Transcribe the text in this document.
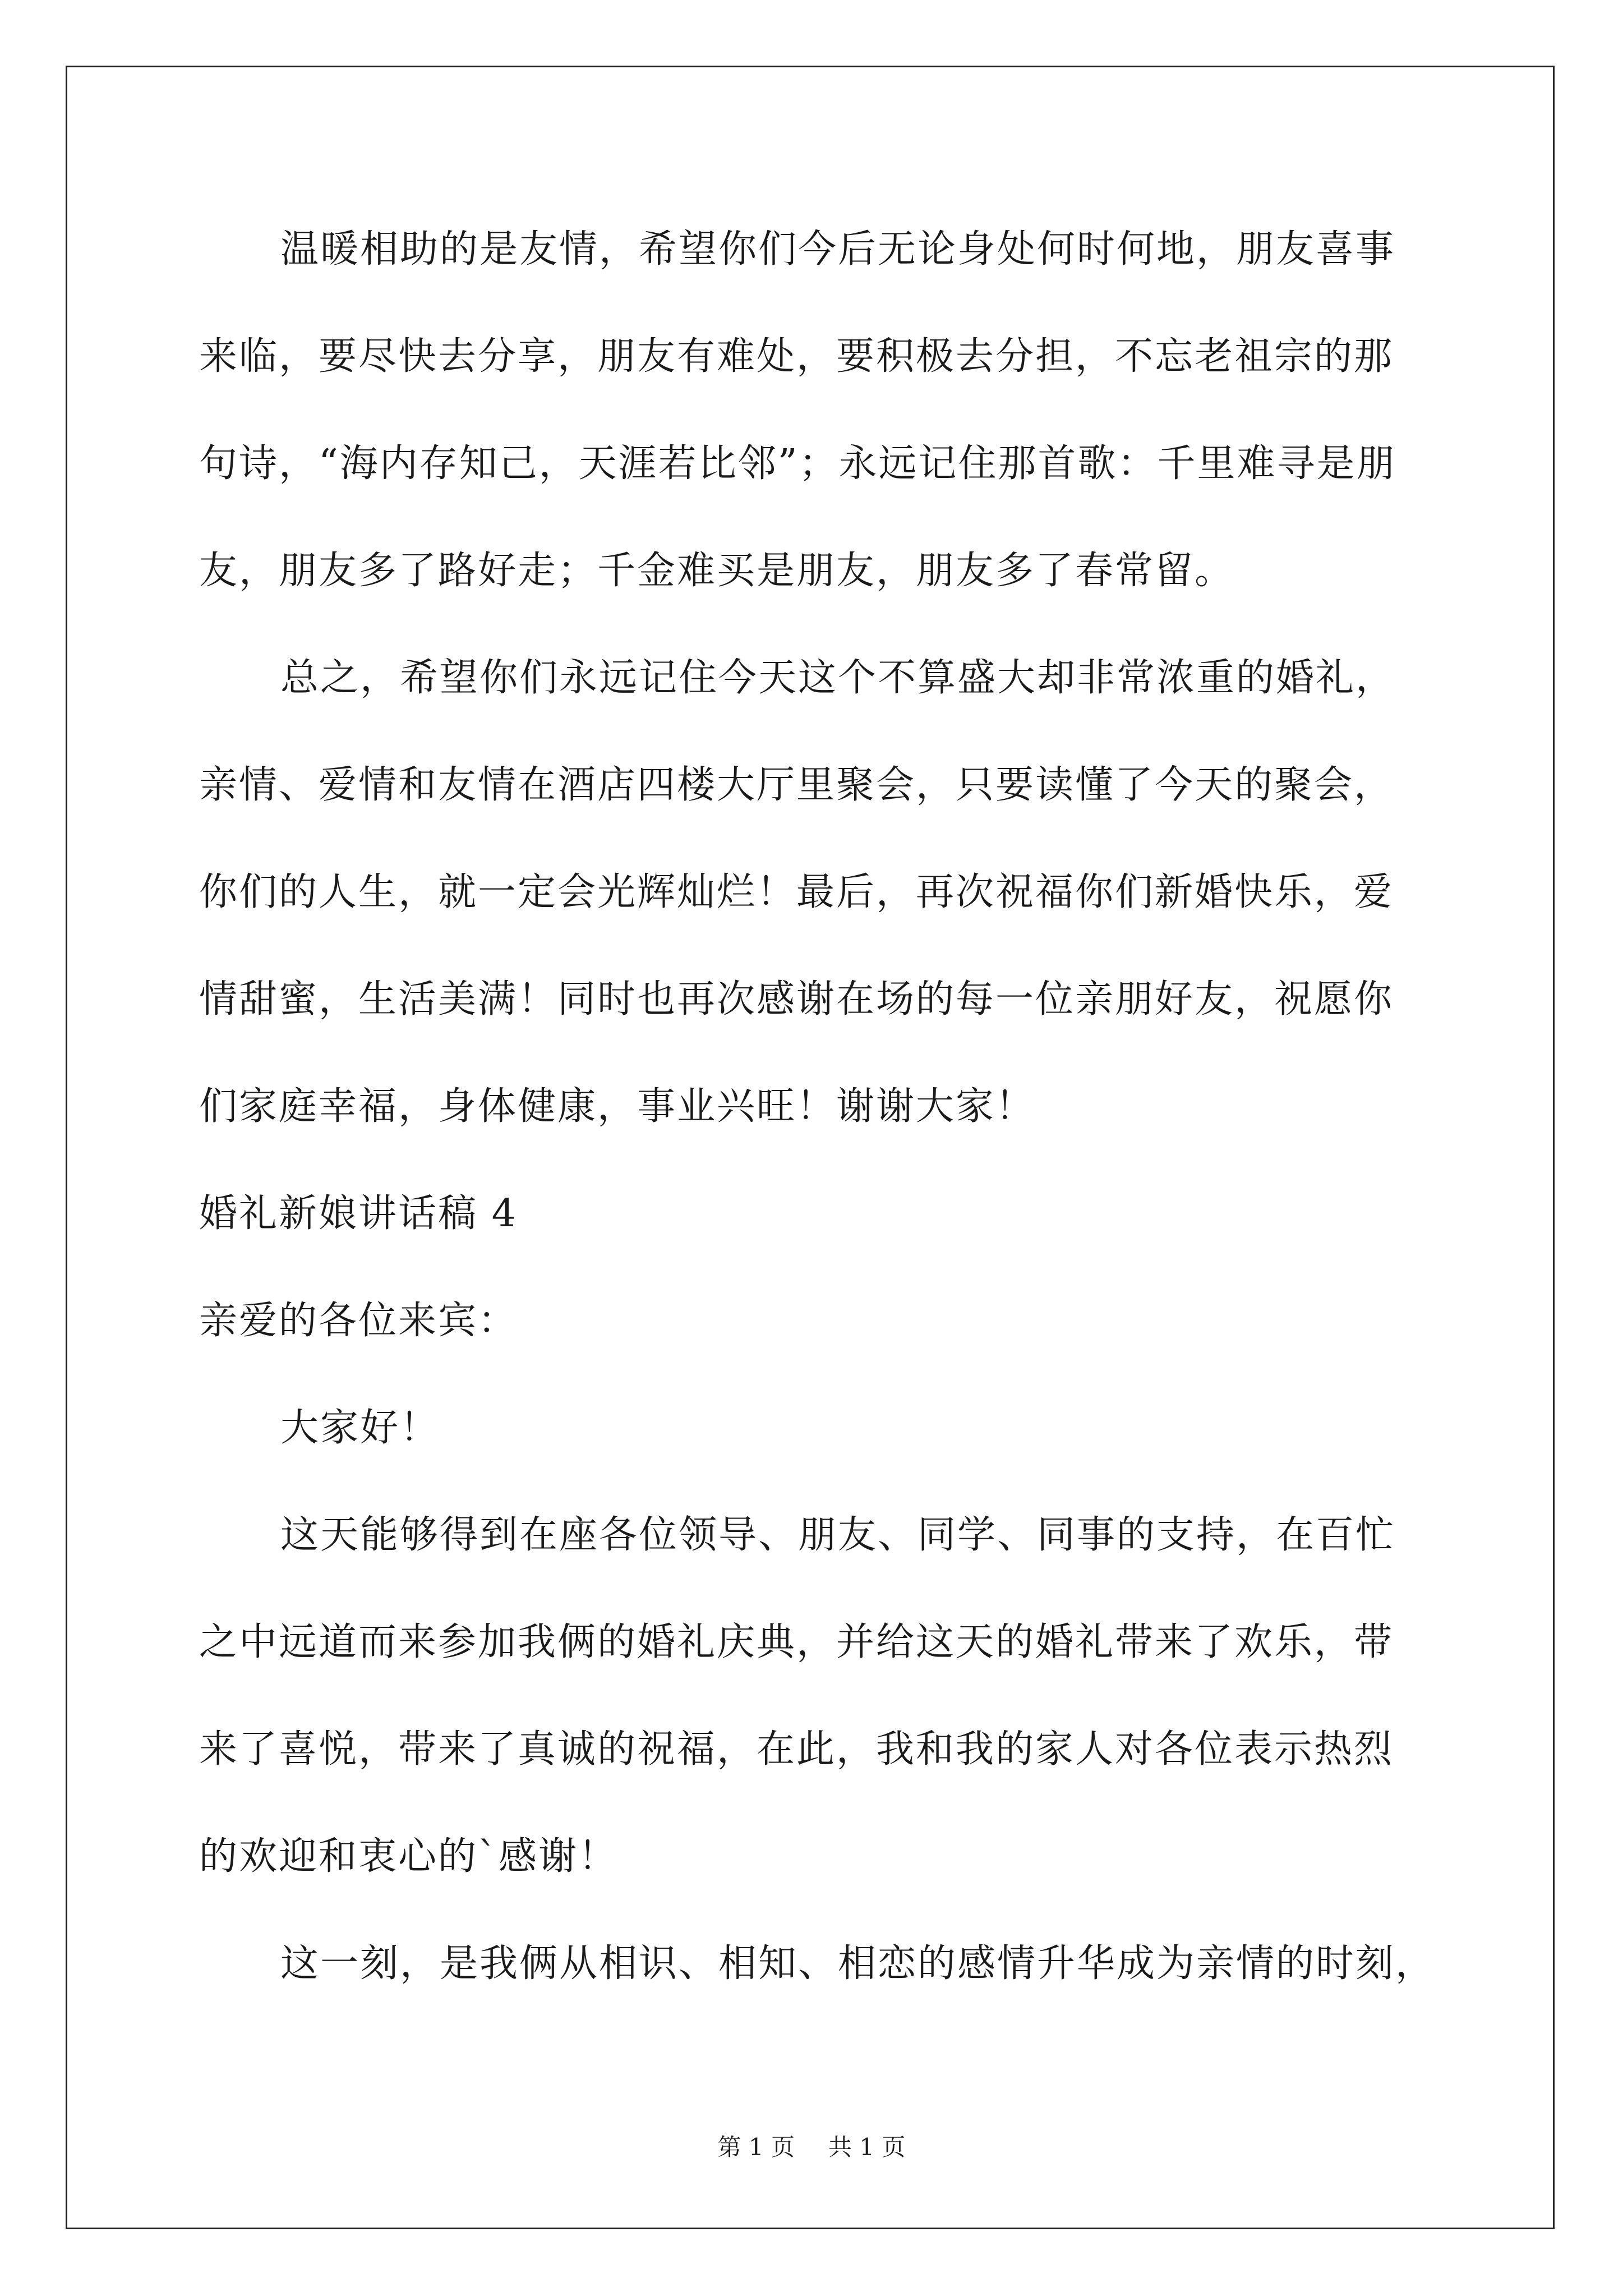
温暖相助的是友情，希望你们今后无论身处何时何地，朋友喜事
来临，要尽快去分享，朋友有难处，要积极去分担，不忘老祖宗的那
句诗，“海内存知己，天涯若比邻”；永远记住那首歌：千里难寻是朋
友，朋友多了路好走；千金难买是朋友，朋友多了春常留。
总之，希望你们永远记住今天这个不算盛大却非常浓重的婚礼，
亲情、爱情和友情在酒店四楼大厅里聚会，只要读懂了今天的聚会，
你们的人生，就一定会光辉灿烂！最后，再次祝福你们新婚快乐，爱
情甜蜜，生活美满！同时也再次感谢在场的每一位亲朋好友，祝愿你
们家庭幸福，身体健康，事业兴旺！谢谢大家！
婚礼新娘讲话稿 4
亲爱的各位来宾：
大家好！
这天能够得到在座各位领导、朋友、同学、同事的支持，在百忙
之中远道而来参加我俩的婚礼庆典，并给这天的婚礼带来了欢乐，带
来了喜悦，带来了真诚的祝福，在此，我和我的家人对各位表示热烈
的欢迎和衷心的`感谢！
这一刻，是我俩从相识、相知、相恋的感情升华成为亲情的时刻，
第 1 页 共 1 页
